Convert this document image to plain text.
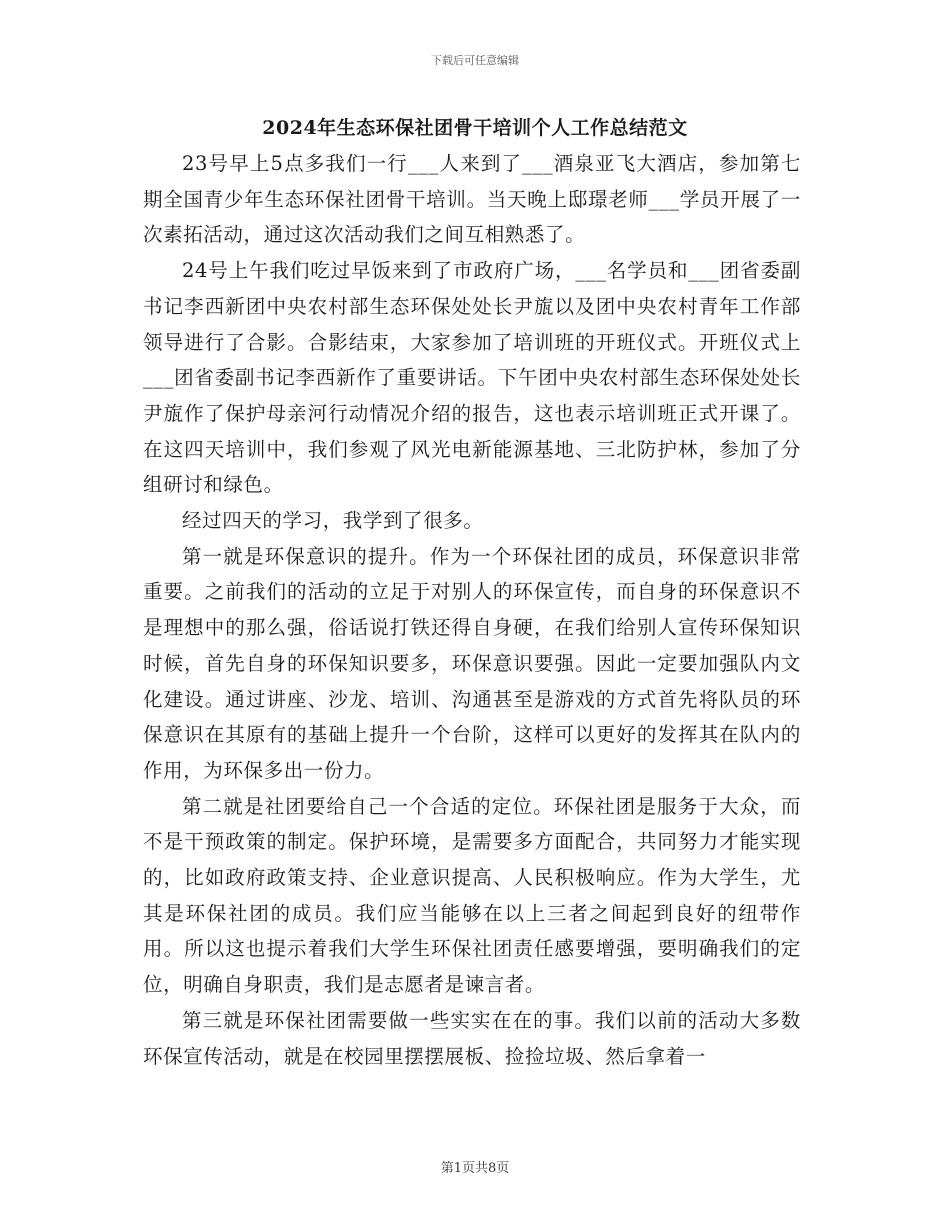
下载后可任意编辑
2024年生态环保社团骨干培训个人工作总结范文

23号早上5点多我们一行___人来到了___酒泉亚飞大酒店，参加第七期全国青少年生态环保社团骨干培训。当天晚上邸璟老师___学员开展了一次素拓活动，通过这次活动我们之间互相熟悉了。

24号上午我们吃过早饭来到了市政府广场，___名学员和___团省委副书记李西新团中央农村部生态环保处处长尹旊以及团中央农村青年工作部领导进行了合影。合影结束，大家参加了培训班的开班仪式。开班仪式上___团省委副书记李西新作了重要讲话。下午团中央农村部生态环保处处长尹旊作了保护母亲河行动情况介绍的报告，这也表示培训班正式开课了。在这四天培训中，我们参观了风光电新能源基地、三北防护林，参加了分组研讨和绿色。

经过四天的学习，我学到了很多。

第一就是环保意识的提升。作为一个环保社团的成员，环保意识非常重要。之前我们的活动的立足于对别人的环保宣传，而自身的环保意识不是理想中的那么强，俗话说打铁还得自身硬，在我们给别人宣传环保知识时候，首先自身的环保知识要多，环保意识要强。因此一定要加强队内文化建设。通过讲座、沙龙、培训、沟通甚至是游戏的方式首先将队员的环保意识在其原有的基础上提升一个台阶，这样可以更好的发挥其在队内的作用，为环保多出一份力。

第二就是社团要给自己一个合适的定位。环保社团是服务于大众，而不是干预政策的制定。保护环境，是需要多方面配合，共同努力才能实现的，比如政府政策支持、企业意识提高、人民积极响应。作为大学生，尤其是环保社团的成员。我们应当能够在以上三者之间起到良好的纽带作用。所以这也提示着我们大学生环保社团责任感要增强，要明确我们的定位，明确自身职责，我们是志愿者是谏言者。

第三就是环保社团需要做一些实实在在的事。我们以前的活动大多数环保宣传活动，就是在校园里摆摆展板、捡捡垃圾、然后拿着一

第1页共8页
